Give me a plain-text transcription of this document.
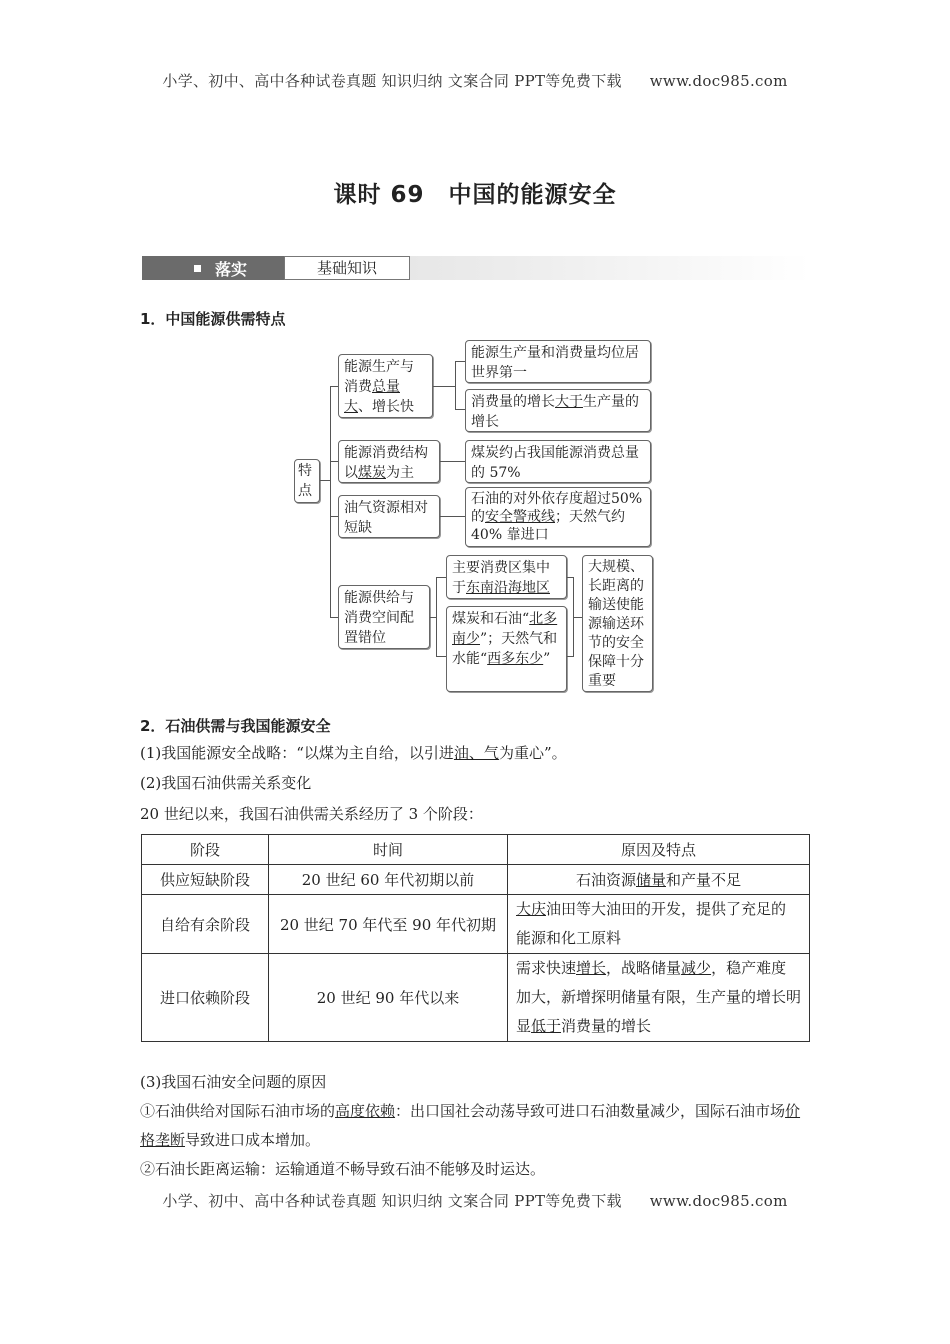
小学、初中、高中各种试卷真题 知识归纳 文案合同 PPT等免费下载 www.doc985.com
课时 69 中国的能源安全
落实	基础知识
1．中国能源供需特点
特点
能源生产与消费总量大、增长快
能源生产量和消费量均位居世界第一
消费量的增长大于生产量的增长
能源消费结构以煤炭为主
煤炭约占我国能源消费总量的 57%
油气资源相对短缺
石油的对外依存度超过50%的安全警戒线；天然气约 40% 靠进口
能源供给与消费空间配置错位
主要消费区集中于东南沿海地区
煤炭和石油“北多南少”；天然气和水能“西多东少”
大规模、长距离的输送使能源输送环节的安全保障十分重要
2．石油供需与我国能源安全
(1)我国能源安全战略：“以煤为主自给，以引进油、气为重心”。
(2)我国石油供需关系变化
20 世纪以来，我国石油供需关系经历了 3 个阶段：
阶段	时间	原因及特点
供应短缺阶段	20 世纪 60 年代初期以前	石油资源储量和产量不足
自给有余阶段	20 世纪 70 年代至 90 年代初期	大庆油田等大油田的开发，提供了充足的能源和化工原料
进口依赖阶段	20 世纪 90 年代以来	需求快速增长，战略储量减少，稳产难度加大，新增探明储量有限，生产量的增长明显低于消费量的增长
(3)我国石油安全问题的原因
①石油供给对国际石油市场的高度依赖：出口国社会动荡导致可进口石油数量减少，国际石油市场价格垄断导致进口成本增加。
②石油长距离运输：运输通道不畅导致石油不能够及时运达。
小学、初中、高中各种试卷真题 知识归纳 文案合同 PPT等免费下载 www.doc985.com
